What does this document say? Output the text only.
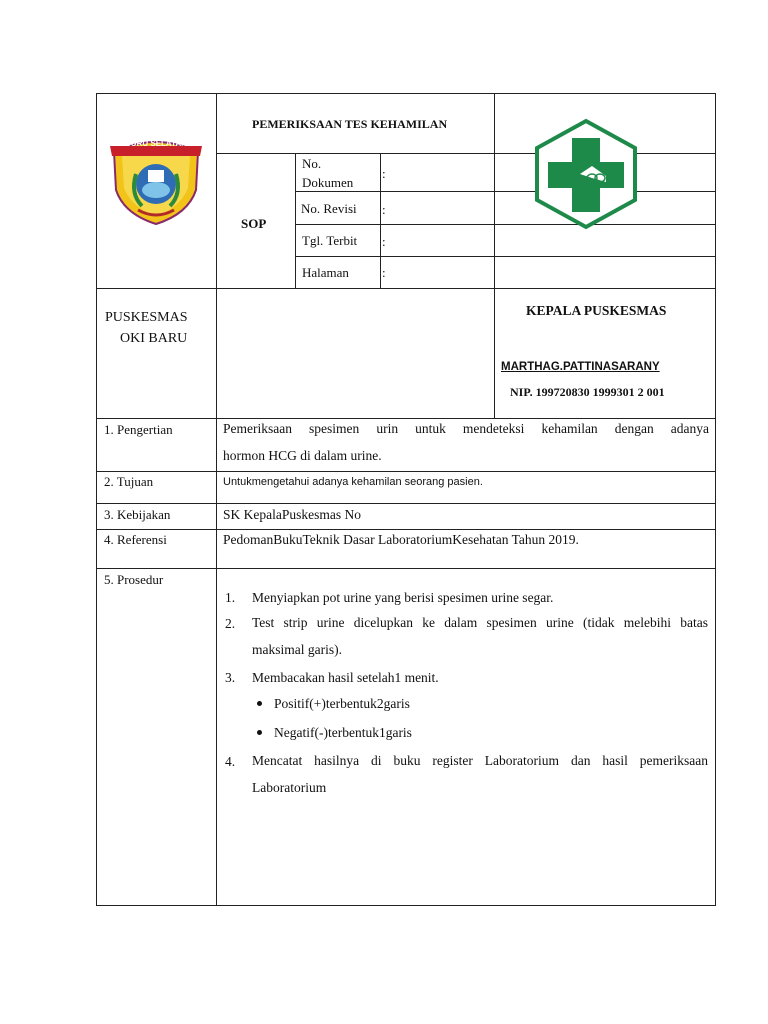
BURU SELATAN
PEMERIKSAAN TES KEHAMILAN
SOP
No.
Dokumen
:
No. Revisi :
Tgl. Terbit :
Halaman	:
PUSKESMAS
OKI BARU
KEPALA PUSKESMAS
MARTHAG.PATTINASARANY
NIP. 199720830 1999301 2 001
1. Pengertian
2. Tujuan
3. Kebijakan
4. Referensi
5. Prosedur
Pemeriksaan spesimen urin untuk mendeteksi kehamilan dengan adanya
hormon HCG di dalam urine.
Untukmengetahui adanya kehamilan seorang pasien.
SK KepalaPuskesmas No
PedomanBukuTeknik Dasar LaboratoriumKesehatan Tahun 2019.
1. Menyiapkan pot urine yang berisi spesimen urine segar.
2. Test strip urine dicelupkan ke dalam spesimen urine (tidak melebihi batas
maksimal garis).
3. Membacakan hasil setelah1 menit.
Positif(+)terbentuk2garis
Negatif(-)terbentuk1garis
4. Mencatat hasilnya di buku register Laboratorium dan hasil pemeriksaan
Laboratorium
